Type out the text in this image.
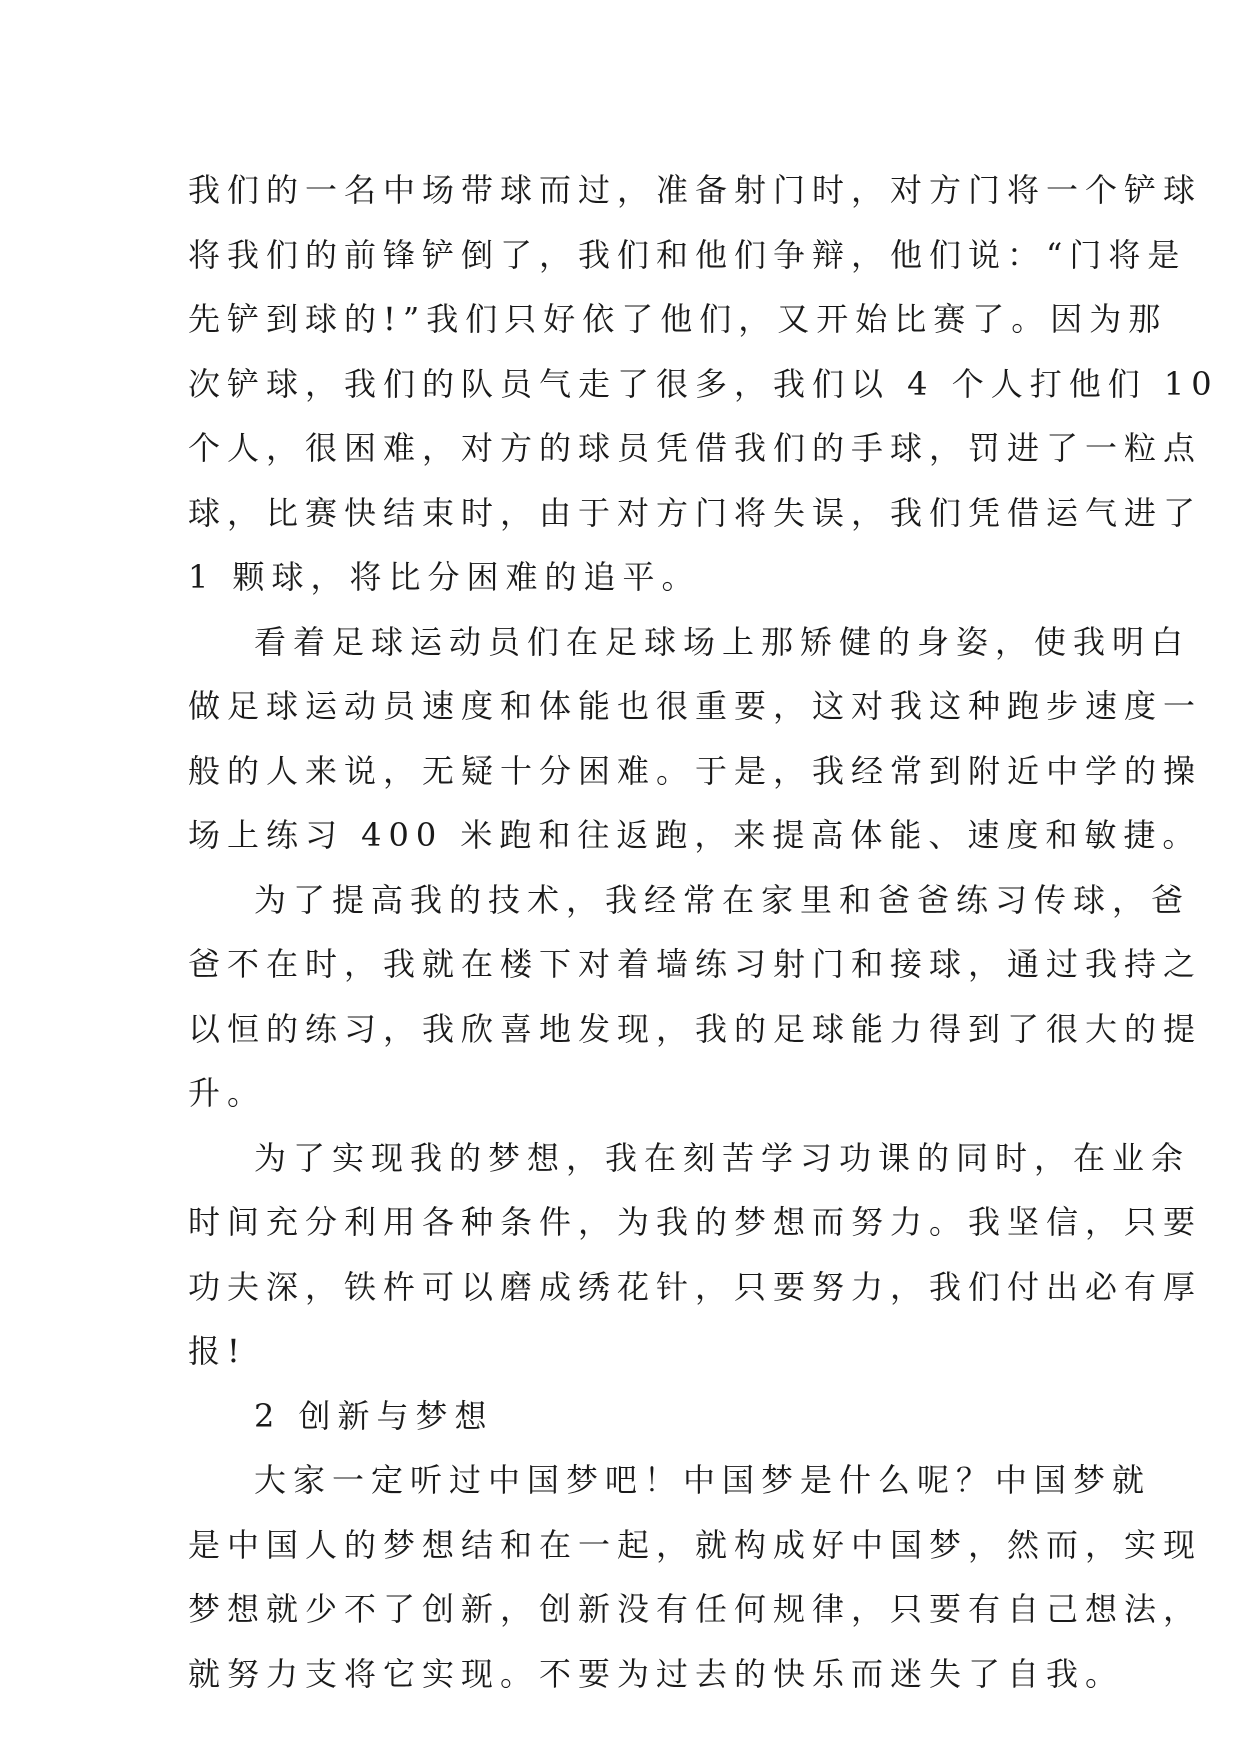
我们的一名中场带球而过，准备射门时，对方门将一个铲球
将我们的前锋铲倒了，我们和他们争辩，他们说：“门将是
先铲到球的!”我们只好依了他们，又开始比赛了。因为那
次铲球，我们的队员气走了很多，我们以 4 个人打他们 10
个人，很困难，对方的球员凭借我们的手球，罚进了一粒点
球，比赛快结束时，由于对方门将失误，我们凭借运气进了
1 颗球，将比分困难的追平。
看着足球运动员们在足球场上那矫健的身姿，使我明白
做足球运动员速度和体能也很重要，这对我这种跑步速度一
般的人来说，无疑十分困难。于是，我经常到附近中学的操
场上练习 400 米跑和往返跑，来提高体能、速度和敏捷。
为了提高我的技术，我经常在家里和爸爸练习传球，爸
爸不在时，我就在楼下对着墙练习射门和接球，通过我持之
以恒的练习，我欣喜地发现，我的足球能力得到了很大的提
升。
为了实现我的梦想，我在刻苦学习功课的同时，在业余
时间充分利用各种条件，为我的梦想而努力。我坚信，只要
功夫深，铁杵可以磨成绣花针，只要努力，我们付出必有厚
报!
2 创新与梦想
大家一定听过中国梦吧！中国梦是什么呢？中国梦就
是中国人的梦想结和在一起，就构成好中国梦，然而，实现
梦想就少不了创新，创新没有任何规律，只要有自己想法，
就努力支将它实现。不要为过去的快乐而迷失了自我。
